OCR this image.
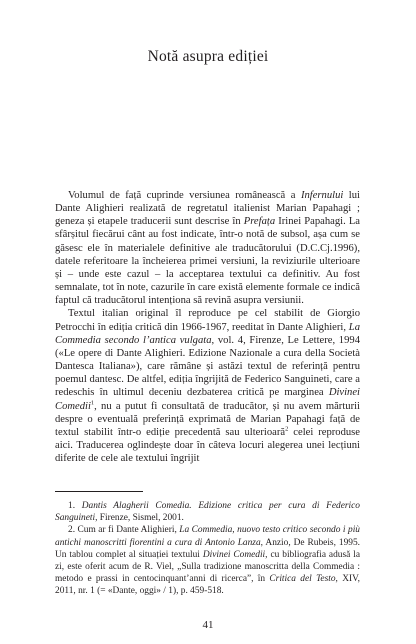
Notă asupra ediției

Volumul de față cuprinde versiunea românească a Infernului lui Dante Alighieri realizată de regretatul italienist Marian Papahagi ; geneza și etapele traducerii sunt descrise în Prefața Irinei Papahagi. La sfârșitul fiecărui cânt au fost indicate, într-o notă de subsol, așa cum se găsesc ele în materialele definitive ale traducătorului (D.C.Cj.1996), datele referitoare la încheierea primei versiuni, la reviziurile ulterioare și – unde este cazul – la acceptarea textului ca definitiv. Au fost semnalate, tot în note, cazurile în care există elemente formale ce indică faptul că traducătorul intenționa să revină asupra versiunii.

Textul italian original îl reproduce pe cel stabilit de Giorgio Petrocchi în ediția critică din 1966-1967, reeditat în Dante Alighieri, La Commedia secondo l’antica vulgata, vol. 4, Firenze, Le Lettere, 1994 («Le opere di Dante Alighieri. Edizione Nazionale a cura della Società Dantesca Italiana»), care rămâne și astăzi textul de referință pentru poemul dantesc. De altfel, ediția îngrijită de Federico Sanguineti, care a redeschis în ultimul deceniu dezbaterea critică pe marginea Divinei Comedii$^1$, nu a putut fi consultată de traducător, și nu avem mărturii despre o eventuală preferință exprimată de Marian Papahagi față de textul stabilit într-o ediție precedentă sau ulterioară$^2$ celei reproduse aici. Traducerea oglindește doar în câteva locuri alegerea unei lecțiuni diferite de cele ale textului îngrijit

1. Dantis Alagherii Comedia. Edizione critica per cura di Federico Sanguineti, Firenze, Sismel, 2001.

2. Cum ar fi Dante Alighieri, La Commedia, nuovo testo critico secondo i più antichi manoscritti fiorentini a cura di Antonio Lanza, Anzio, De Rubeis, 1995. Un tablou complet al situației textului Divinei Comedii, cu bibliografia adusă la zi, este oferit acum de R. Viel, „Sulla tradizione manoscritta della Commedia : metodo e prassi in centocinquant’anni di ricerca”, în Critica del Testo, XIV, 2011, nr. 1 (= «Dante, oggi» / 1), p. 459-518.

41
